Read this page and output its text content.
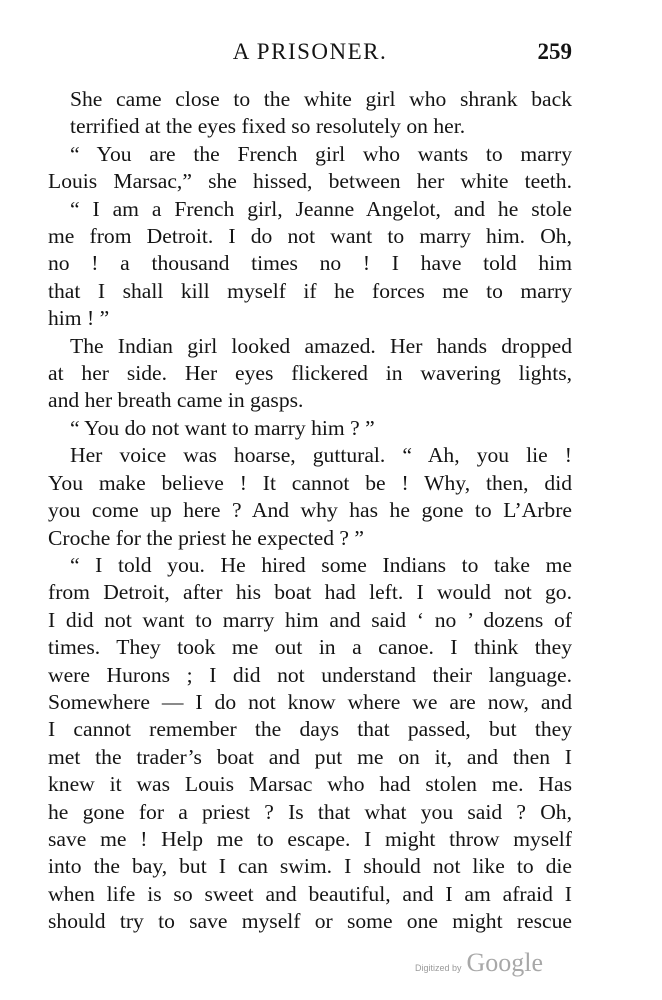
A PRISONER.	259

She came close to the white girl who shrank back
terrified at the eyes fixed so resolutely on her.

“ You are the French girl who wants to marry
Louis Marsac,” she hissed, between her white teeth.

“ I am a French girl, Jeanne Angelot, and he stole
me from Detroit. I do not want to marry him. Oh,
no ! a thousand times no ! I have told him
that I shall kill myself if he forces me to marry
him ! ”

The Indian girl looked amazed. Her hands dropped
at her side. Her eyes flickered in wavering lights,
and her breath came in gasps.

“ You do not want to marry him ? ”

Her voice was hoarse, guttural. “ Ah, you lie !
You make believe ! It cannot be ! Why, then, did
you come up here ? And why has he gone to L’Arbre
Croche for the priest he expected ? ”

“ I told you. He hired some Indians to take me
from Detroit, after his boat had left. I would not go.
I did not want to marry him and said ‘ no ’ dozens of
times. They took me out in a canoe. I think they
were Hurons ; I did not understand their language.
Somewhere — I do not know where we are now, and
I cannot remember the days that passed, but they
met the trader’s boat and put me on it, and then I
knew it was Louis Marsac who had stolen me. Has
he gone for a priest ? Is that what you said ? Oh,
save me ! Help me to escape. I might throw myself
into the bay, but I can swim. I should not like to die
when life is so sweet and beautiful, and I am afraid I
should try to save myself or some one might rescue

Digitized by Google
